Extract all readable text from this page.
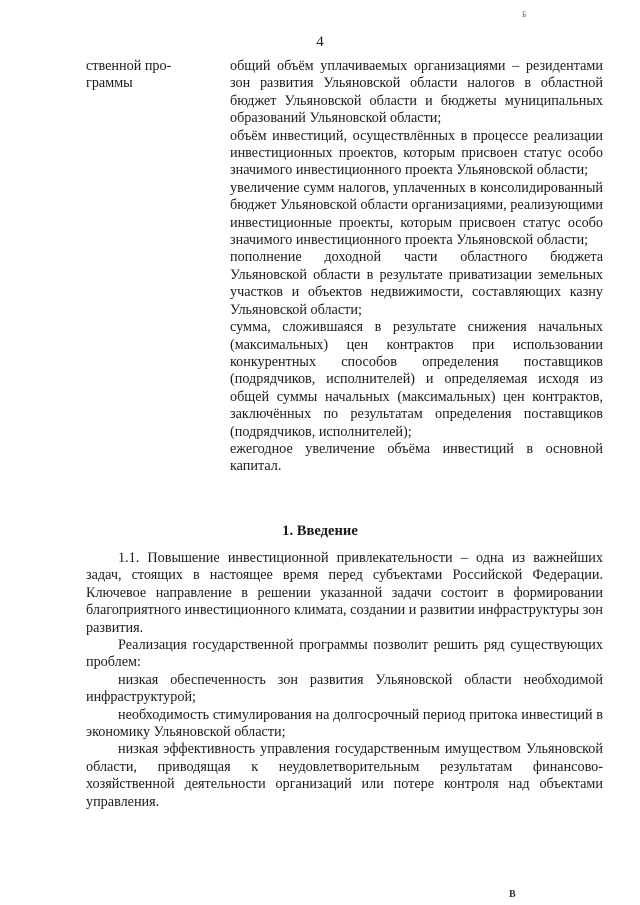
Б
4
ственной про-
граммы

общий объём уплачиваемых организациями – резидентами зон развития Ульяновской области налогов в областной бюджет Ульяновской области и бюджеты муниципальных образований Ульяновской области;

объём инвестиций, осуществлённых в процессе реализации инвестиционных проектов, которым присвоен статус особо значимого инвестиционного проекта Ульяновской области;

увеличение сумм налогов, уплаченных в консолидированный бюджет Ульяновской области организациями, реализующими инвестиционные проекты, которым присвоен статус особо значимого инвестиционного проекта Ульяновской области;

пополнение доходной части областного бюджета Ульяновской области в результате приватизации земельных участков и объектов недвижимости, составляющих казну Ульяновской области;

сумма, сложившаяся в результате снижения начальных (максимальных) цен контрактов при использовании конкурентных способов определения поставщиков (подрядчиков, исполнителей) и определяемая исходя из общей суммы начальных (максимальных) цен контрактов, заключённых по результатам определения поставщиков (подрядчиков, исполнителей);

ежегодное увеличение объёма инвестиций в основной капитал.

1. Введение

1.1. Повышение инвестиционной привлекательности – одна из важнейших задач, стоящих в настоящее время перед субъектами Российской Федерации. Ключевое направление в решении указанной задачи состоит в формировании благоприятного инвестиционного климата, создании и развитии инфраструктуры зон развития.

Реализация государственной программы позволит решить ряд существующих проблем:

низкая обеспеченность зон развития Ульяновской области необходимой инфраструктурой;

необходимость стимулирования на долгосрочный период притока инвестиций в экономику Ульяновской области;

низкая эффективность управления государственным имуществом Ульяновской области, приводящая к неудовлетворительным результатам финансово-хозяйственной деятельности организаций или потере контроля над объектами управления.

В
